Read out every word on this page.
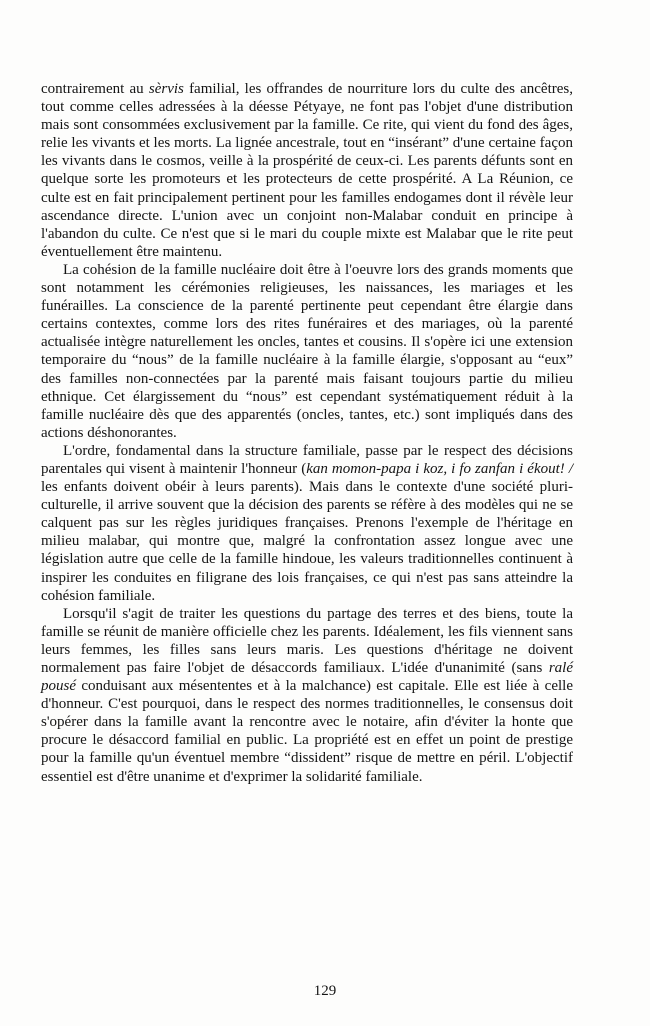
contrairement au sèrvis familial, les offrandes de nourriture lors du culte des ancêtres, tout comme celles adressées à la déesse Pétyaye, ne font pas l'objet d'une distribution mais sont consommées exclusivement par la famille. Ce rite, qui vient du fond des âges, relie les vivants et les morts. La lignée ancestrale, tout en “insérant” d'une certaine façon les vivants dans le cosmos, veille à la prospérité de ceux-ci. Les parents défunts sont en quelque sorte les promoteurs et les protecteurs de cette prospérité. A La Réunion, ce culte est en fait principalement pertinent pour les familles endogames dont il révèle leur ascendance directe. L'union avec un conjoint non-Malabar conduit en principe à l'abandon du culte. Ce n'est que si le mari du couple mixte est Malabar que le rite peut éventuellement être maintenu.

La cohésion de la famille nucléaire doit être à l'oeuvre lors des grands moments que sont notamment les cérémonies religieuses, les naissances, les mariages et les funérailles. La conscience de la parenté pertinente peut cependant être élargie dans certains contextes, comme lors des rites funéraires et des mariages, où la parenté actualisée intègre naturellement les oncles, tantes et cousins. Il s'opère ici une extension temporaire du “nous” de la famille nucléaire à la famille élargie, s'opposant au “eux” des familles non-connectées par la parenté mais faisant toujours partie du milieu ethnique. Cet élargissement du “nous” est cependant systématiquement réduit à la famille nucléaire dès que des apparentés (oncles, tantes, etc.) sont impliqués dans des actions déshonorantes.

L'ordre, fondamental dans la structure familiale, passe par le respect des décisions parentales qui visent à maintenir l'honneur (kan momon-papa i koz, i fo zanfan i ékout! / les enfants doivent obéir à leurs parents). Mais dans le contexte d'une société pluri-culturelle, il arrive souvent que la décision des parents se réfère à des modèles qui ne se calquent pas sur les règles juridiques françaises. Prenons l'exemple de l'héritage en milieu malabar, qui montre que, malgré la confrontation assez longue avec une législation autre que celle de la famille hindoue, les valeurs traditionnelles continuent à inspirer les conduites en filigrane des lois françaises, ce qui n'est pas sans atteindre la cohésion familiale.

Lorsqu'il s'agit de traiter les questions du partage des terres et des biens, toute la famille se réunit de manière officielle chez les parents. Idéalement, les fils viennent sans leurs femmes, les filles sans leurs maris. Les questions d'héritage ne doivent normalement pas faire l'objet de désaccords familiaux. L'idée d'unanimité (sans ralé pousé conduisant aux mésententes et à la malchance) est capitale. Elle est liée à celle d'honneur. C'est pourquoi, dans le respect des normes traditionnelles, le consensus doit s'opérer dans la famille avant la rencontre avec le notaire, afin d'éviter la honte que procure le désaccord familial en public. La propriété est en effet un point de prestige pour la famille qu'un éventuel membre “dissident” risque de mettre en péril. L'objectif essentiel est d'être unanime et d'exprimer la solidarité familiale.

129
